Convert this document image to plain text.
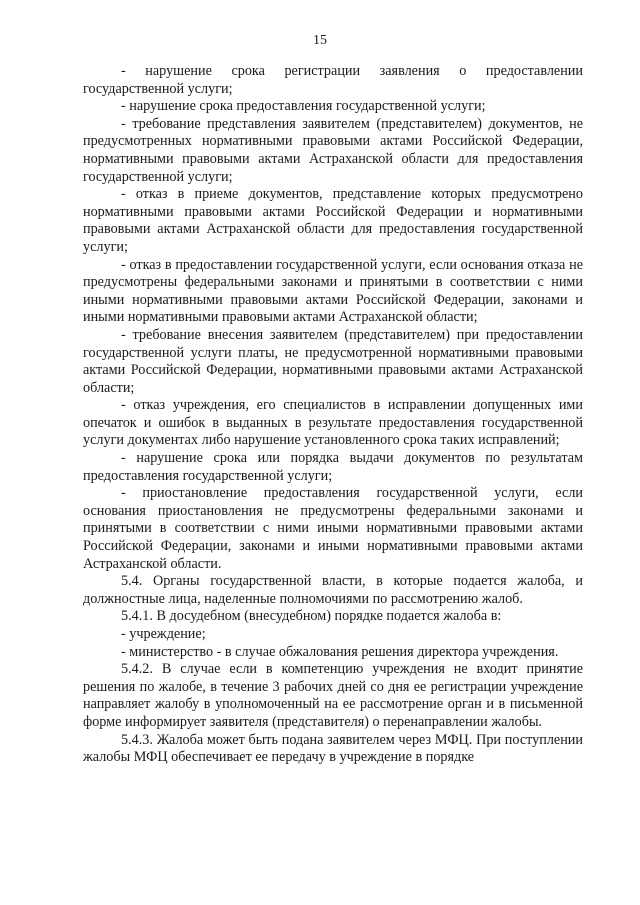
15

- нарушение срока регистрации заявления о предоставлении государственной услуги;

- нарушение срока предоставления государственной услуги;

- требование представления заявителем (представителем) документов, не предусмотренных нормативными правовыми актами Российской Федерации, нормативными правовыми актами Астраханской области для предоставления государственной услуги;

- отказ в приеме документов, представление которых предусмотрено нормативными правовыми актами Российской Федерации и нормативными правовыми актами Астраханской области для предоставления государственной услуги;

- отказ в предоставлении государственной услуги, если основания отказа не предусмотрены федеральными законами и принятыми в соответствии с ними иными нормативными правовыми актами Российской Федерации, законами и иными нормативными правовыми актами Астраханской области;

- требование внесения заявителем (представителем) при предоставлении государственной услуги платы, не предусмотренной нормативными правовыми актами Российской Федерации, нормативными правовыми актами Астраханской области;

- отказ учреждения, его специалистов в исправлении допущенных ими опечаток и ошибок в выданных в результате предоставления государственной услуги документах либо нарушение установленного срока таких исправлений;

- нарушение срока или порядка выдачи документов по результатам предоставления государственной услуги;

- приостановление предоставления государственной услуги, если основания приостановления не предусмотрены федеральными законами и принятыми в соответствии с ними иными нормативными правовыми актами Российской Федерации, законами и иными нормативными правовыми актами Астраханской области.

5.4. Органы государственной власти, в которые подается жалоба, и должностные лица, наделенные полномочиями по рассмотрению жалоб.

5.4.1. В досудебном (внесудебном) порядке подается жалоба в:

- учреждение;

- министерство - в случае обжалования решения директора учреждения.

5.4.2. В случае если в компетенцию учреждения не входит принятие решения по жалобе, в течение 3 рабочих дней со дня ее регистрации учреждение направляет жалобу в уполномоченный на ее рассмотрение орган и в письменной форме информирует заявителя (представителя) о перенаправлении жалобы.

5.4.3. Жалоба может быть подана заявителем через МФЦ. При поступлении жалобы МФЦ обеспечивает ее передачу в учреждение в порядке
